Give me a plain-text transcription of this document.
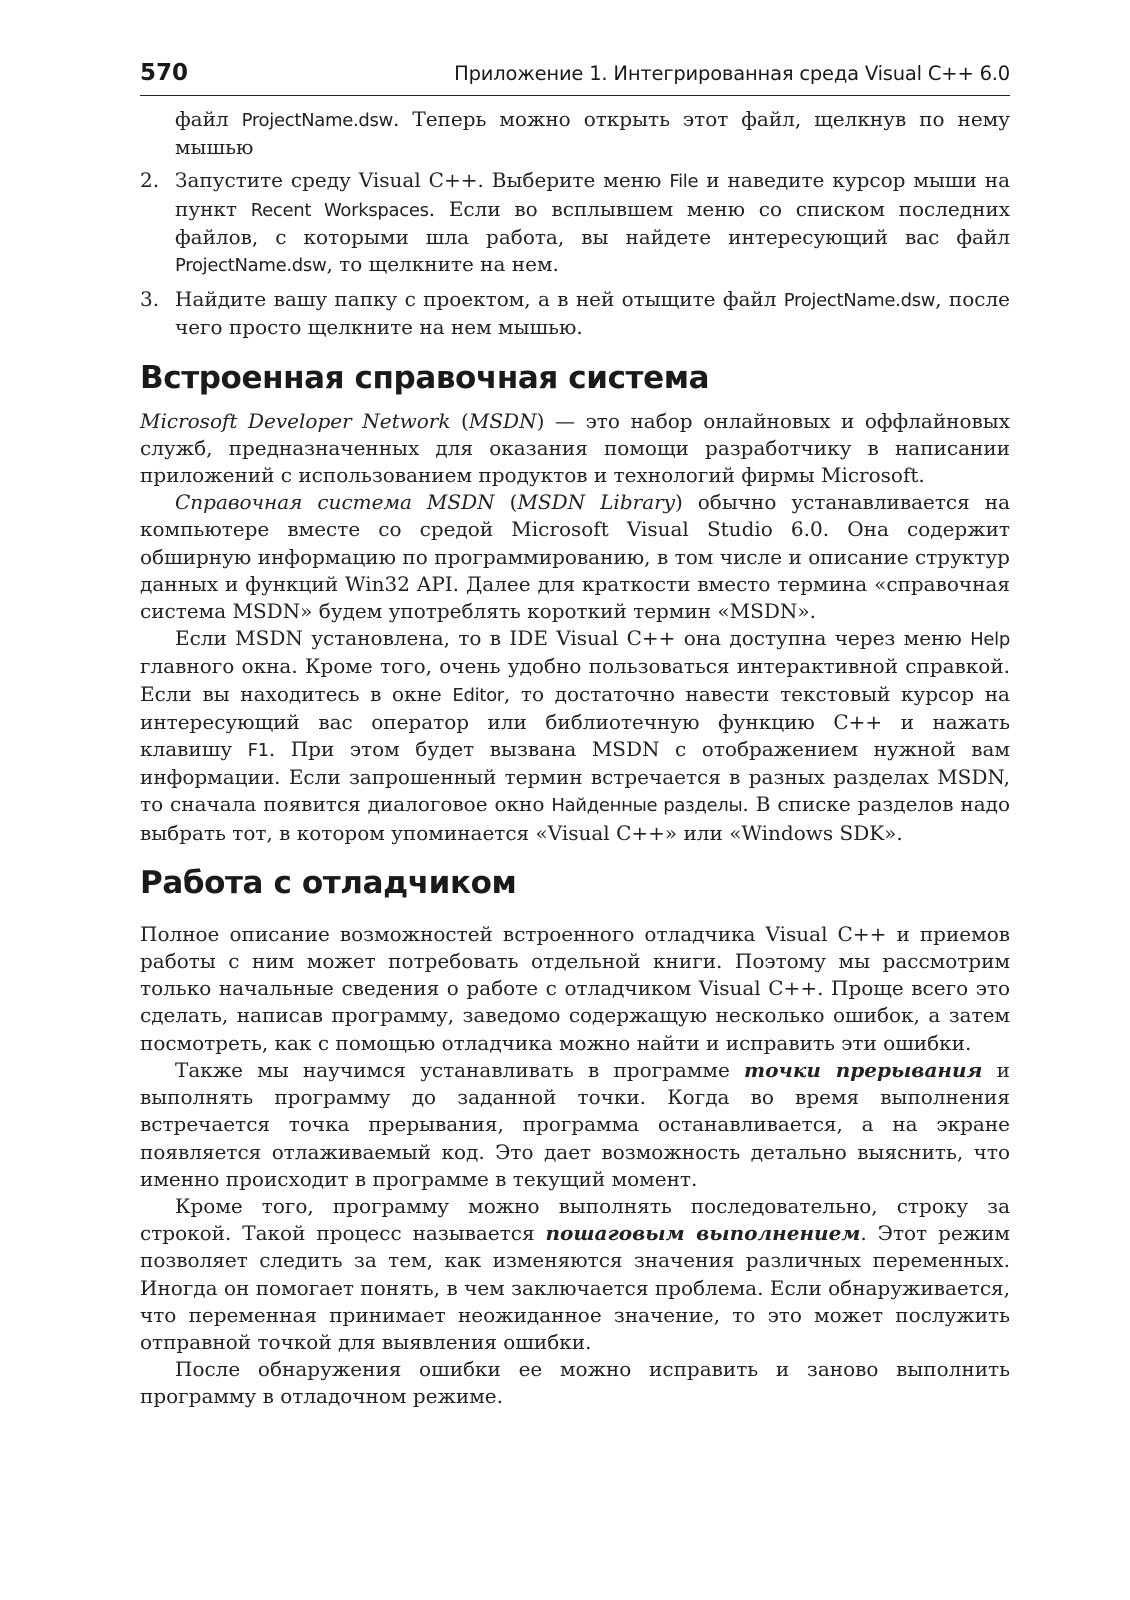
570	Приложение 1. Интегрированная среда Visual C++ 6.0

файл ProjectName.dsw. Теперь можно открыть этот файл, щелкнув по нему мышью

2. Запустите среду Visual C++. Выберите меню File и наведите курсор мыши на пункт Recent Workspaces. Если во всплывшем меню со списком последних файлов, с которыми шла работа, вы найдете интересующий вас файл ProjectName.dsw, то щелкните на нем.

3. Найдите вашу папку с проектом, а в ней отыщите файл ProjectName.dsw, после чего просто щелкните на нем мышью.

Встроенная справочная система

Microsoft Developer Network (MSDN) — это набор онлайновых и оффлайновых служб, предназначенных для оказания помощи разработчику в написании приложений с использованием продуктов и технологий фирмы Microsoft.

Справочная система MSDN (MSDN Library) обычно устанавливается на компьютере вместе со средой Microsoft Visual Studio 6.0. Она содержит обширную информацию по программированию, в том числе и описание структур данных и функций Win32 API. Далее для краткости вместо термина «справочная система MSDN» будем употреблять короткий термин «MSDN».

Если MSDN установлена, то в IDE Visual C++ она доступна через меню Help главного окна. Кроме того, очень удобно пользоваться интерактивной справкой. Если вы находитесь в окне Editor, то достаточно навести текстовый курсор на интересующий вас оператор или библиотечную функцию C++ и нажать клавишу F1. При этом будет вызвана MSDN с отображением нужной вам информации. Если запрошенный термин встречается в разных разделах MSDN, то сначала появится диалоговое окно Найденные разделы. В списке разделов надо выбрать тот, в котором упоминается «Visual C++» или «Windows SDK».

Работа с отладчиком

Полное описание возможностей встроенного отладчика Visual C++ и приемов работы с ним может потребовать отдельной книги. Поэтому мы рассмотрим только начальные сведения о работе с отладчиком Visual C++. Проще всего это сделать, написав программу, заведомо содержащую несколько ошибок, а затем посмотреть, как с помощью отладчика можно найти и исправить эти ошибки.

Также мы научимся устанавливать в программе точки прерывания и выполнять программу до заданной точки. Когда во время выполнения встречается точка прерывания, программа останавливается, а на экране появляется отлаживаемый код. Это дает возможность детально выяснить, что именно происходит в программе в текущий момент.

Кроме того, программу можно выполнять последовательно, строку за строкой. Такой процесс называется пошаговым выполнением. Этот режим позволяет следить за тем, как изменяются значения различных переменных. Иногда он помогает понять, в чем заключается проблема. Если обнаруживается, что переменная принимает неожиданное значение, то это может послужить отправной точкой для выявления ошибки.

После обнаружения ошибки ее можно исправить и заново выполнить программу в отладочном режиме.
